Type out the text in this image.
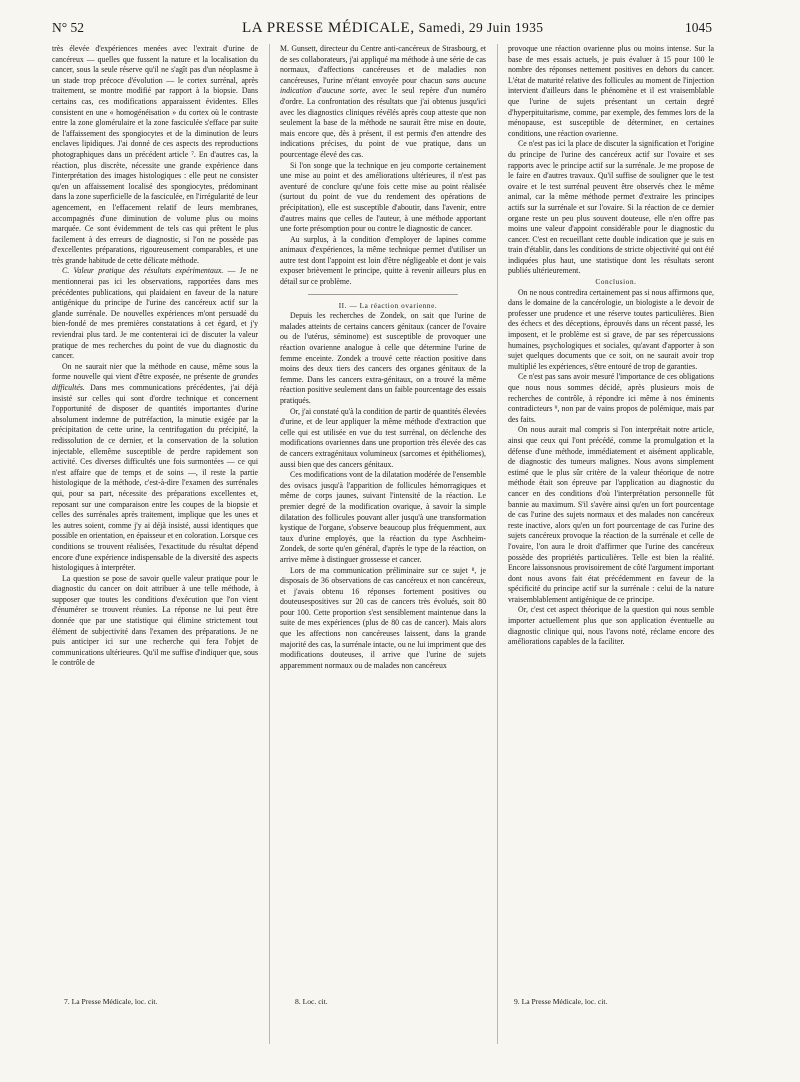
N° 52	LA PRESSE MÉDICALE, Samedi, 29 Juin 1935	1045

très élevée d'expériences menées avec l'extrait d'urine de cancéreux — quelles que fussent la nature et la localisation du cancer, sous la seule réserve qu'il ne s'agît pas d'un néoplasme à un stade trop précoce d'évolution — le cortex surrénal, après traitement, se montre modifié par rapport à la biopsie. Dans certains cas, ces modifications apparaissent évidentes. Elles consistent en une « homogénéisation » du cortex où le contraste entre la zone glomérulaire et la zone fasciculée s'efface par suite de l'affaissement des spongiocytes et de la diminution de leurs enclaves lipidiques. J'ai donné de ces aspects des reproductions photographiques dans un précédent article ⁷. En d'autres cas, la réaction, plus discrète, nécessite une grande expérience dans l'interprétation des images histologiques : elle peut ne consister qu'en un affaissement localisé des spongiocytes, prédominant dans la zone superficielle de la fasciculée, en l'irrégularité de leur agencement, en l'effacement relatif de leurs membranes, accompagnés d'une diminution de volume plus ou moins marquée. Ce sont évidemment de tels cas qui prêtent le plus facilement à des erreurs de diagnostic, si l'on ne possède pas d'excellentes préparations, rigoureusement comparables, et une très grande habitude de cette délicate méthode.

C. Valeur pratique des résultats expérimentaux. — Je ne mentionnerai pas ici les observations, rapportées dans mes précédentes publications, qui plaidaient en faveur de la nature antigénique du principe de l'urine des cancéreux actif sur la glande surrénale. De nouvelles expériences m'ont persuadé du bien-fondé de mes premières constatations à cet égard, et j'y reviendrai plus tard. Je me contenterai ici de discuter la valeur pratique de mes recherches du point de vue du diagnostic du cancer.

On ne saurait nier que la méthode en cause, même sous la forme nouvelle qui vient d'être exposée, ne présente de grandes difficultés. Dans mes communications précédentes, j'ai déjà insisté sur celles qui sont d'ordre technique et concernent l'opportunité de disposer de quantités importantes d'urine absolument indemne de putréfaction, la minutie exigée par la précipitation de cette urine, la centrifugation du précipité, la redissolution de ce dernier, et la conservation de la solution injectable, ellemême susceptible de perdre rapidement son activité. Ces diverses difficultés une fois surmontées — ce qui n'est affaire que de temps et de soins —, il reste la partie histologique de la méthode, c'est-à-dire l'examen des surrénales qui, pour sa part, nécessite des préparations excellentes et, reposant sur une comparaison entre les coupes de la biopsie et celles des surrénales après traitement, implique que les unes et les autres soient, comme j'y ai déjà insisté, aussi identiques que possible en orientation, en épaisseur et en coloration. Lorsque ces conditions se trouvent réalisées, l'exactitude du résultat dépend encore d'une expérience indispensable de la diversité des aspects histologiques à interpréter.

La question se pose de savoir quelle valeur pratique pour le diagnostic du cancer on doit attribuer à une telle méthode, à supposer que toutes les conditions d'exécution que l'on vient d'énumérer se trouvent réunies. La réponse ne lui peut être donnée que par une statistique qui élimine strictement tout élément de subjectivité dans l'examen des préparations. Je ne puis anticiper ici sur une recherche qui fera l'objet de communications ultérieures. Qu'il me suffise d'indiquer que, sous le contrôle de

M. Gunsett, directeur du Centre anti-cancéreux de Strasbourg, et de ses collaborateurs, j'ai appliqué ma méthode à une série de cas normaux, d'affections cancéreuses et de maladies non cancéreuses, l'urine m'étant envoyée pour chacun sans aucune indication d'aucune sorte, avec le seul repère d'un numéro d'ordre. La confrontation des résultats que j'ai obtenus jusqu'ici avec les diagnostics cliniques révélés après coup atteste que non seulement la base de la méthode ne saurait être mise en doute, mais encore que, dès à présent, il est permis d'en attendre des indications précises, du point de vue pratique, dans un pourcentage élevé des cas.

Si l'on songe que la technique en jeu comporte certainement une mise au point et des améliorations ultérieures, il n'est pas aventuré de conclure qu'une fois cette mise au point réalisée (surtout du point de vue du rendement des opérations de précipitation), elle est susceptible d'aboutir, dans l'avenir, entre d'autres mains que celles de l'auteur, à une méthode apportant une forte présomption pour ou contre le diagnostic de cancer.

Au surplus, à la condition d'employer de lapines comme animaux d'expériences, la même technique permet d'utiliser un autre test dont l'appoint est loin d'être négligeable et dont je vais exposer brièvement le principe, quitte à revenir ailleurs plus en détail sur ce problème.

II. — La réaction ovarienne.

Depuis les recherches de Zondek, on sait que l'urine de malades atteints de certains cancers génitaux (cancer de l'ovaire ou de l'utérus, séminome) est susceptible de provoquer une réaction ovarienne analogue à celle que détermine l'urine de femme enceinte. Zondek a trouvé cette réaction positive dans moins des deux tiers des cancers des organes génitaux de la femme. Dans les cancers extra-génitaux, on a trouvé la même réaction positive seulement dans un faible pourcentage des essais pratiqués.

Or, j'ai constaté qu'à la condition de partir de quantités élevées d'urine, et de leur appliquer la même méthode d'extraction que celle qui est utilisée en vue du test surrénal, on déclenche des modifications ovariennes dans une proportion très élevée des cas de cancers extragénitaux volumineux (sarcomes et épithéliomes), aussi bien que des cancers génitaux.

Ces modifications vont de la dilatation modérée de l'ensemble des ovisacs jusqu'à l'apparition de follicules hémorragiques et même de corps jaunes, suivant l'intensité de la réaction. Le premier degré de la modification ovarique, à savoir la simple dilatation des follicules pouvant aller jusqu'à une transformation kystique de l'organe, s'observe beaucoup plus fréquemment, aux taux d'urine employés, que la réaction du type Aschheim-Zondek, de sorte qu'en général, d'après le type de la réaction, on arrive même à distinguer grossesse et cancer.

Lors de ma communication préliminaire sur ce sujet ⁸, je disposais de 36 observations de cas cancéreux et non cancéreux, et j'avais obtenu 16 réponses fortement positives ou douteusespositives sur 20 cas de cancers très évolués, soit 80 pour 100. Cette proportion s'est sensiblement maintenue dans la suite de mes expériences (plus de 80 cas de cancer). Mais alors que les affections non cancéreuses laissent, dans la grande majorité des cas, la surrénale intacte, ou ne lui impriment que des modifications douteuses, il arrive que l'urine de sujets apparemment normaux ou de malades non cancéreux

provoque une réaction ovarienne plus ou moins intense. Sur la base de mes essais actuels, je puis évaluer à 15 pour 100 le nombre des réponses nettement positives en dehors du cancer. L'état de maturité relative des follicules au moment de l'injection intervient d'ailleurs dans le phénomène et il est vraisemblable que l'urine de sujets présentant un certain degré d'hyperpituitarisme, comme, par exemple, des femmes lors de la ménopause, est susceptible de déterminer, en certaines conditions, une réaction ovarienne.

Ce n'est pas ici la place de discuter la signification et l'origine du principe de l'urine des cancéreux actif sur l'ovaire et ses rapports avec le principe actif sur la surrénale. Je me propose de le faire en d'autres travaux. Qu'il suffise de souligner que le test ovaire et le test surrénal peuvent être observés chez le même animal, car la même méthode permet d'extraire les principes actifs sur la surrénale et sur l'ovaire. Si la réaction de ce dernier organe reste un peu plus souvent douteuse, elle n'en offre pas moins une valeur d'appoint considérable pour le diagnostic du cancer. C'est en recueillant cette double indication que je suis en train d'établir, dans les conditions de stricte objectivité qui ont été indiquées plus haut, une statistique dont les résultats seront publiés ultérieurement.

Conclusion.

On ne nous contredira certainement pas si nous affirmons que, dans le domaine de la cancérologie, un biologiste a le devoir de professer une prudence et une réserve toutes particulières. Bien des échecs et des déceptions, éprouvés dans un récent passé, les imposent, et le problème est si grave, de par ses répercussions humaines, psychologiques et sociales, qu'avant d'apporter à son sujet quelques documents que ce soit, on ne saurait avoir trop multiplié les expériences, s'être entouré de trop de garanties.

Ce n'est pas sans avoir mesuré l'importance de ces obligations que nous nous sommes décidé, après plusieurs mois de recherches de contrôle, à répondre ici même à nos éminents contradicteurs ⁹, non par de vains propos de polémique, mais par des faits.

On nous aurait mal compris si l'on interprétait notre article, ainsi que ceux qui l'ont précédé, comme la promulgation et la défense d'une méthode, immédiatement et aisément applicable, de diagnostic des tumeurs malignes. Nous avons simplement estimé que le plus sûr critère de la valeur théorique de notre méthode était son épreuve par l'application au diagnostic du cancer en des conditions d'où l'interprétation personnelle fût bannie au maximum. S'il s'avère ainsi qu'en un fort pourcentage de cas l'urine des sujets normaux et des malades non cancéreux reste inactive, alors qu'en un fort pourcentage de cas l'urine des sujets cancéreux provoque la réaction de la surrénale et celle de l'ovaire, l'on aura le droit d'affirmer que l'urine des cancéreux possède des propriétés particulières. Telle est bien la réalité. Encore laissonsnous provisoirement de côté l'argument important dont nous avons fait état précédemment en faveur de la spécificité du principe actif sur la surrénale : celui de la nature vraisemblablement antigénique de ce principe.

Or, c'est cet aspect théorique de la question qui nous semble importer actuellement plus que son application éventuelle au diagnostic clinique qui, nous l'avons noté, réclame encore des améliorations capables de la faciliter.

7. La Presse Médicale, loc. cit.	8. Loc. cit.	9. La Presse Médicale, loc. cit.
